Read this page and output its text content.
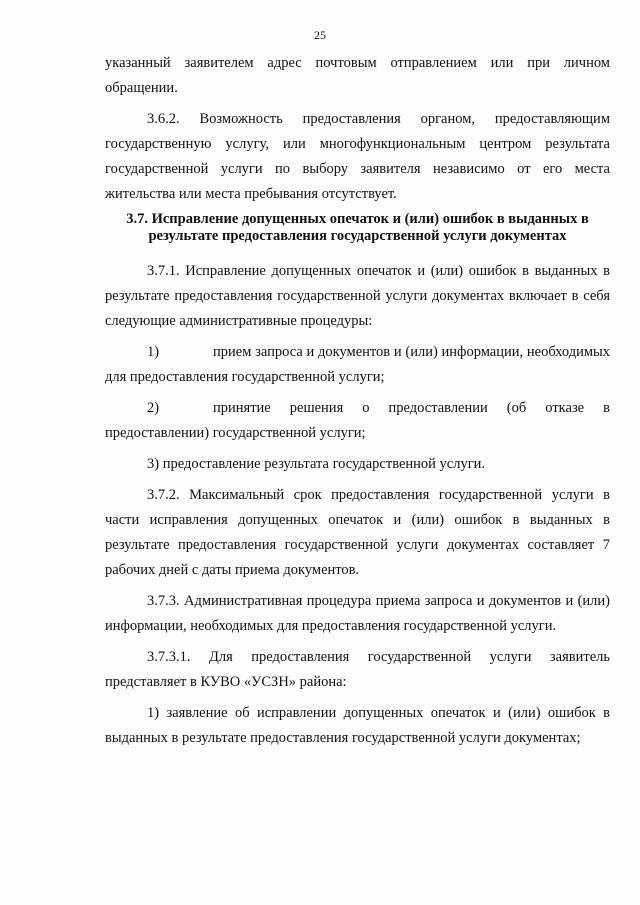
25

указанный заявителем адрес почтовым отправлением или при личном обращении.

3.6.2. Возможность предоставления органом, предоставляющим государственную услугу, или многофункциональным центром результата государственной услуги по выбору заявителя независимо от его места жительства или места пребывания отсутствует.

3.7. Исправление допущенных опечаток и (или) ошибок в выданных в результате предоставления государственной услуги документах

3.7.1. Исправление допущенных опечаток и (или) ошибок в выданных в результате предоставления государственной услуги документах включает в себя следующие административные процедуры:

1)	прием запроса и документов и (или) информации, необходимых для предоставления государственной услуги;

2)	принятие решения о предоставлении (об отказе в предоставлении) государственной услуги;

3) предоставление результата государственной услуги.

3.7.2. Максимальный срок предоставления государственной услуги в части исправления допущенных опечаток и (или) ошибок в выданных в результате предоставления государственной услуги документах составляет 7 рабочих дней с даты приема документов.

3.7.3. Административная процедура приема запроса и документов и (или) информации, необходимых для предоставления государственной услуги.

3.7.3.1. Для предоставления государственной услуги заявитель представляет в КУВО «УСЗН» района:

1) заявление об исправлении допущенных опечаток и (или) ошибок в выданных в результате предоставления государственной услуги документах;
